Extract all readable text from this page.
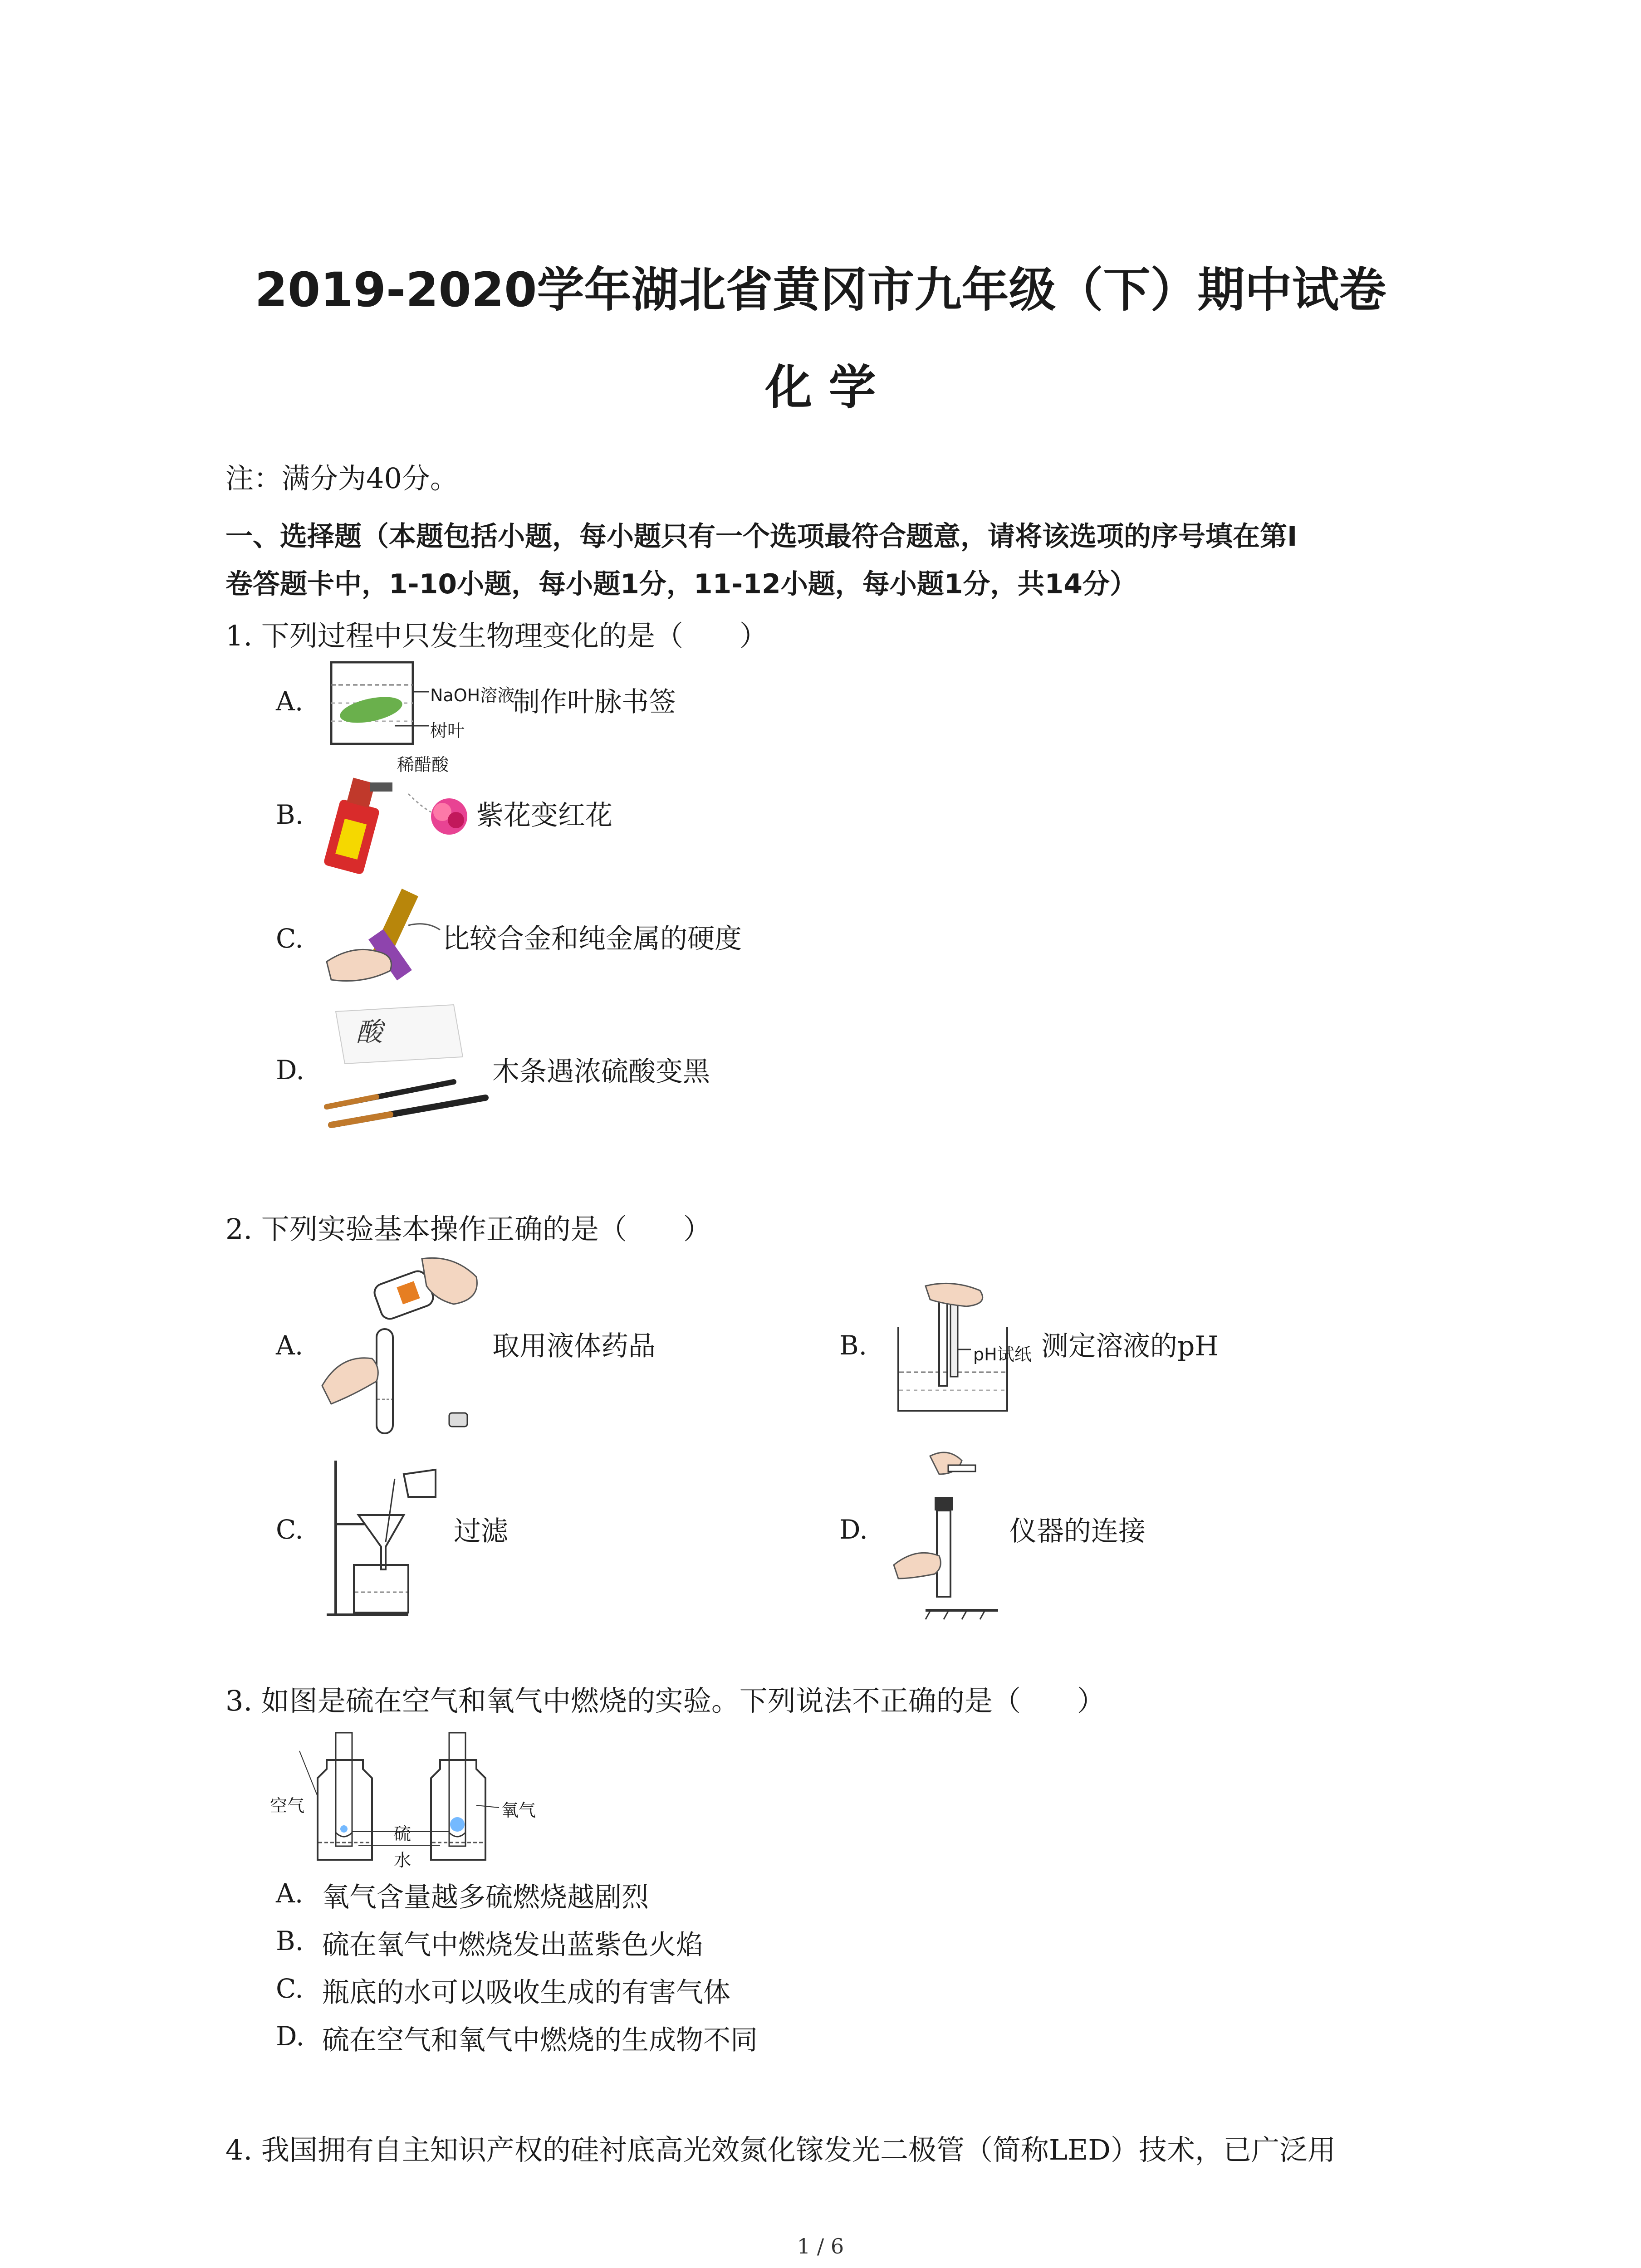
2019-2020学年湖北省黄冈市九年级（下）期中试卷
化 学
注：满分为40分。
一、选择题（本题包括小题，每小题只有一个选项最符合题意，请将该选项的序号填在第Ⅰ
卷答题卡中，1-10小题，每小题1分，11-12小题，每小题1分，共14分）
1. 下列过程中只发生物理变化的是（　　）
A.	NaOH溶液
树叶
制作叶脉书签
B.
稀醋酸
紫花变红花
C.	比较合金和纯金属的硬度
D.
酸
木条遇浓硫酸变黑
2. 下列实验基本操作正确的是（　　）
A.	取用液体药品	B.	pH试纸 测定溶液的pH
C.	过滤	D.	仪器的连接
3. 如图是硫在空气和氧气中燃烧的实验。下列说法不正确的是（　　）
空气
硫
水
氧气
A. 氧气含量越多硫燃烧越剧烈
B. 硫在氧气中燃烧发出蓝紫色火焰
C. 瓶底的水可以吸收生成的有害气体
D. 硫在空气和氧气中燃烧的生成物不同
4. 我国拥有自主知识产权的硅衬底高光效氮化镓发光二极管（简称LED）技术，已广泛用
1 / 6
